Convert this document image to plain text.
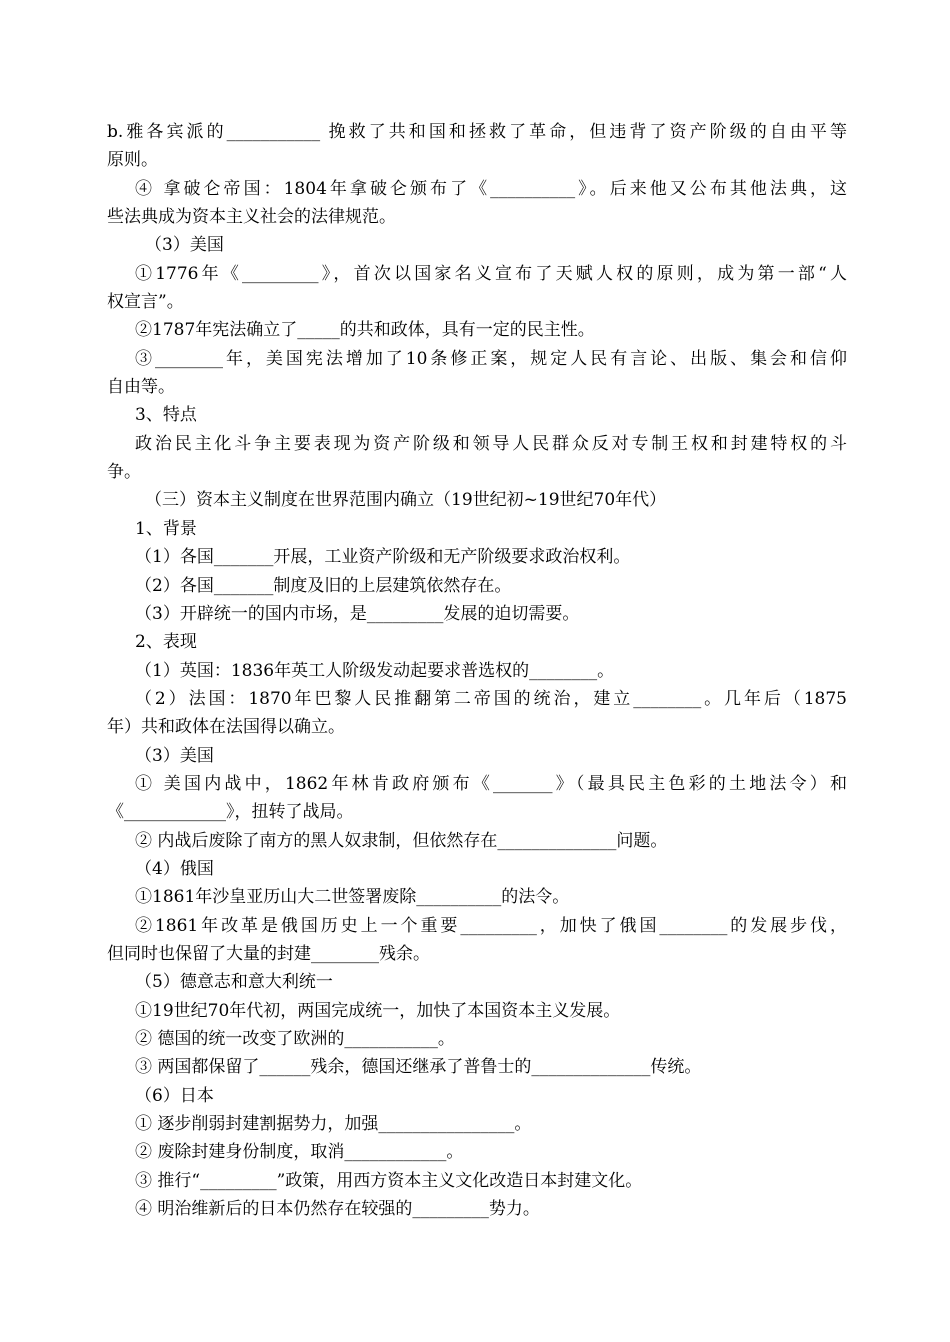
b.雅各宾派的___________ 挽救了共和国和拯救了革命，但违背了资产阶级的自由平等
原则。
④ 拿破仑帝国：1804年拿破仑颁布了《__________》。后来他又公布其他法典，这
些法典成为资本主义社会的法律规范。
（3）美国
①1776年《_________》，首次以国家名义宣布了天赋人权的原则，成为第一部“人
权宣言”。
②1787年宪法确立了_____的共和政体，具有一定的民主性。
③________年，美国宪法增加了10条修正案，规定人民有言论、出版、集会和信仰
自由等。
3、特点
政治民主化斗争主要表现为资产阶级和领导人民群众反对专制王权和封建特权的斗
争。
（三）资本主义制度在世界范围内确立（19世纪初~19世纪70年代）
1、背景
（1）各国_______开展，工业资产阶级和无产阶级要求政治权利。
（2）各国_______制度及旧的上层建筑依然存在。
（3）开辟统一的国内市场，是_________发展的迫切需要。
2、表现
（1）英国：1836年英工人阶级发动起要求普选权的________。
（2）法国：1870年巴黎人民推翻第二帝国的统治，建立________。几年后（1875
年）共和政体在法国得以确立。
（3）美国
① 美国内战中，1862年林肯政府颁布《_______》（最具民主色彩的土地法令）和
《____________》，扭转了战局。
② 内战后废除了南方的黑人奴隶制，但依然存在______________问题。
（4）俄国
①1861年沙皇亚历山大二世签署废除__________的法令。
②1861年改革是俄国历史上一个重要_________，加快了俄国________的发展步伐，
但同时也保留了大量的封建________残余。
（5）德意志和意大利统一
①19世纪70年代初，两国完成统一，加快了本国资本主义发展。
② 德国的统一改变了欧洲的___________。
③ 两国都保留了______残余，德国还继承了普鲁士的______________传统。
（6）日本
① 逐步削弱封建割据势力，加强________________。
② 废除封建身份制度，取消____________。
③ 推行“_________”政策，用西方资本主义文化改造日本封建文化。
④ 明治维新后的日本仍然存在较强的_________势力。
